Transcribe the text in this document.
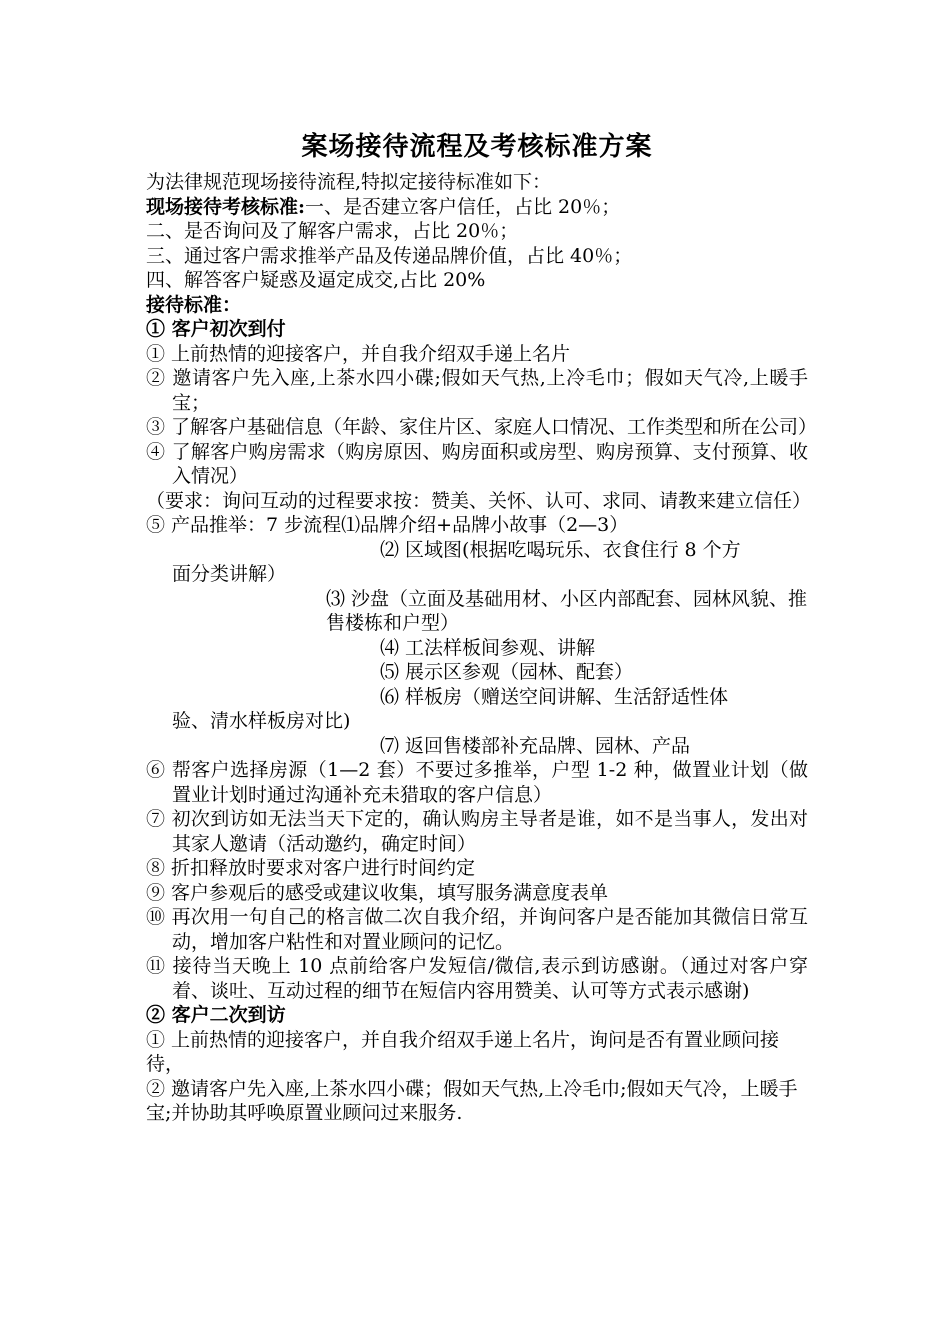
案场接待流程及考核标准方案

为法律规范现场接待流程,特拟定接待标准如下：

现场接待考核标准:一、是否建立客户信任，占比 20％；

二、是否询问及了解客户需求，占比 20％；

三、通过客户需求推举产品及传递品牌价值，占比 40％；

四、解答客户疑惑及逼定成交,占比 20%

接待标准：

① 客户初次到付

① 上前热情的迎接客户，并自我介绍双手递上名片

② 邀请客户先入座,上茶水四小碟;假如天气热,上冷毛巾；假如天气冷,上暖手宝；

③ 了解客户基础信息（年龄、家住片区、家庭人口情况、工作类型和所在公司）

④ 了解客户购房需求（购房原因、购房面积或房型、购房预算、支付预算、收入情况）

（要求：询问互动的过程要求按：赞美、关怀、认可、求同、请教来建立信任）

⑤ 产品推举：7 步流程⑴品牌介绍+品牌小故事（2—3）

⑵ 区域图(根据吃喝玩乐、衣食住行 8 个方

面分类讲解）

⑶ 沙盘（立面及基础用材、小区内部配套、园林风貌、推售楼栋和户型）

⑷ 工法样板间参观、讲解

⑸ 展示区参观（园林、配套）

⑹ 样板房（赠送空间讲解、生活舒适性体

验、清水样板房对比)

⑺ 返回售楼部补充品牌、园林、产品

⑥ 帮客户选择房源（1—2 套）不要过多推举，户型 1-2 种，做置业计划（做置业计划时通过沟通补充未猎取的客户信息）

⑦ 初次到访如无法当天下定的，确认购房主导者是谁，如不是当事人，发出对其家人邀请（活动邀约，确定时间）

⑧ 折扣释放时要求对客户进行时间约定

⑨ 客户参观后的感受或建议收集，填写服务满意度表单

⑩ 再次用一句自己的格言做二次自我介绍，并询问客户是否能加其微信日常互动，增加客户粘性和对置业顾问的记忆。

⑪ 接待当天晚上 10 点前给客户发短信/微信,表示到访感谢。（通过对客户穿着、谈吐、互动过程的细节在短信内容用赞美、认可等方式表示感谢)

② 客户二次到访

① 上前热情的迎接客户，并自我介绍双手递上名片，询问是否有置业顾问接待，

② 邀请客户先入座,上茶水四小碟；假如天气热,上冷毛巾;假如天气冷，上暖手宝;并协助其呼唤原置业顾问过来服务.
